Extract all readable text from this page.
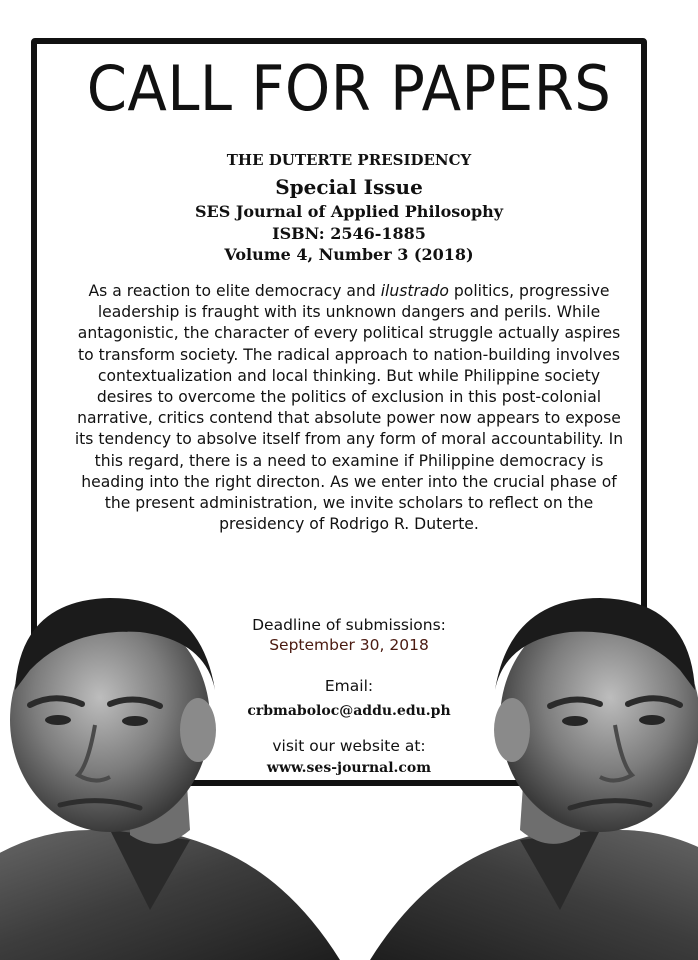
CALL FOR PAPERS
THE DUTERTE PRESIDENCY
Special Issue
SES Journal of Applied Philosophy
ISBN: 2546-1885
Volume 4, Number 3 (2018)

As a reaction to elite democracy and ilustrado politics, progressive leadership is fraught with its unknown dangers and perils. While antagonistic, the character of every political struggle actually aspires to transform society. The radical approach to nation-building involves contextualization and local thinking. But while Philippine society desires to overcome the politics of exclusion in this post-colonial narrative, critics contend that absolute power now appears to expose its tendency to absolve itself from any form of moral accountability. In this regard, there is a need to examine if Philippine democracy is heading into the right directon. As we enter into the crucial phase of the present administration, we invite scholars to reflect on the presidency of Rodrigo R. Duterte.

Deadline of submissions:
September 30, 2018
Email:
crbmaboloc@addu.edu.ph
visit our website at:
www.ses-journal.com
